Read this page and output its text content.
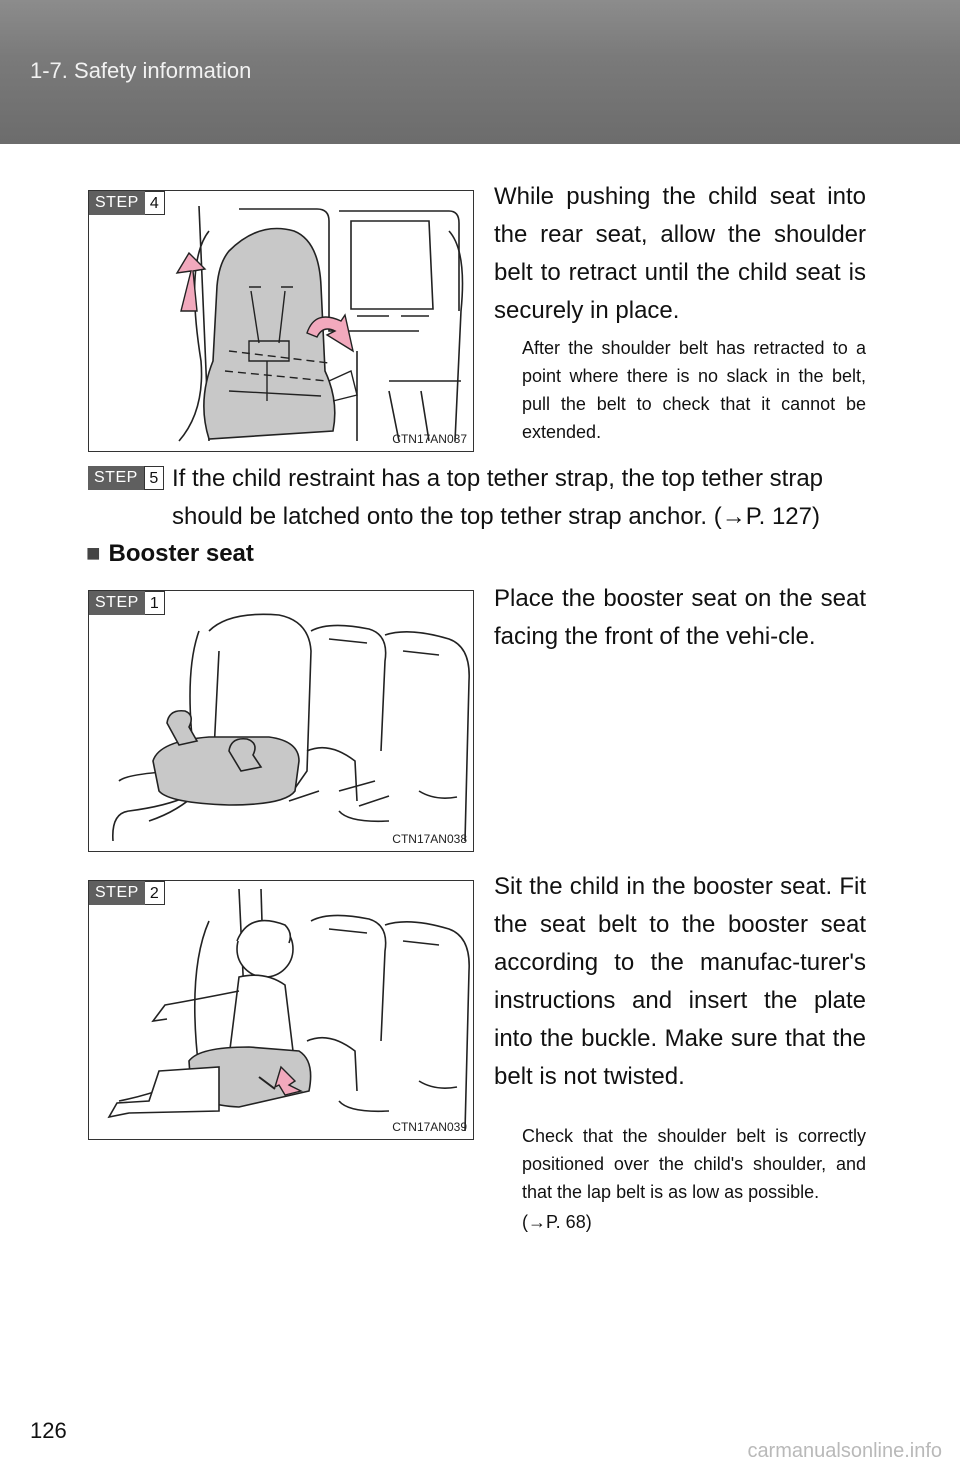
1-7. Safety information
STEP 4
CTN17AN037
While pushing the child seat into the rear seat, allow the shoulder belt to retract until the child seat is securely in place.
After the shoulder belt has retracted to a point where there is no slack in the belt, pull the belt to check that it cannot be extended.
STEP 5 If the child restraint has a top tether strap, the top tether strap
should be latched onto the top tether strap anchor. (→P. 127)
■ Booster seat
STEP 1
CTN17AN038
Place the booster seat on the seat facing the front of the vehi-cle.
STEP 2
CTN17AN039
Sit the child in the booster seat. Fit the seat belt to the booster seat according to the manufac-turer's instructions and insert the plate into the buckle. Make sure that the belt is not twisted.
Check that the shoulder belt is correctly positioned over the child's shoulder, and that the lap belt is as low as possible.
(→P. 68)
126
carmanualsonline.info
